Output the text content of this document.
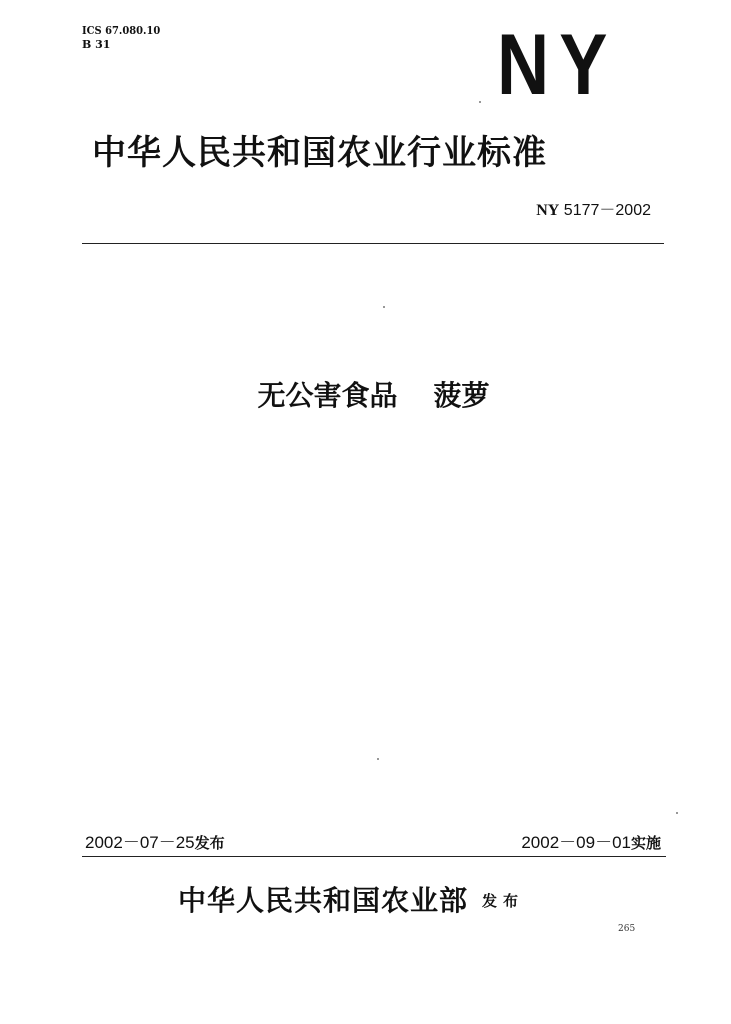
ICS 67.080.10
B 31	NY
中华人民共和国农业行业标准
NY 5177－2002
无公害食品 菠萝
2002－07－25发布	2002－09－01实施
中华人民共和国农业部 发布
265
